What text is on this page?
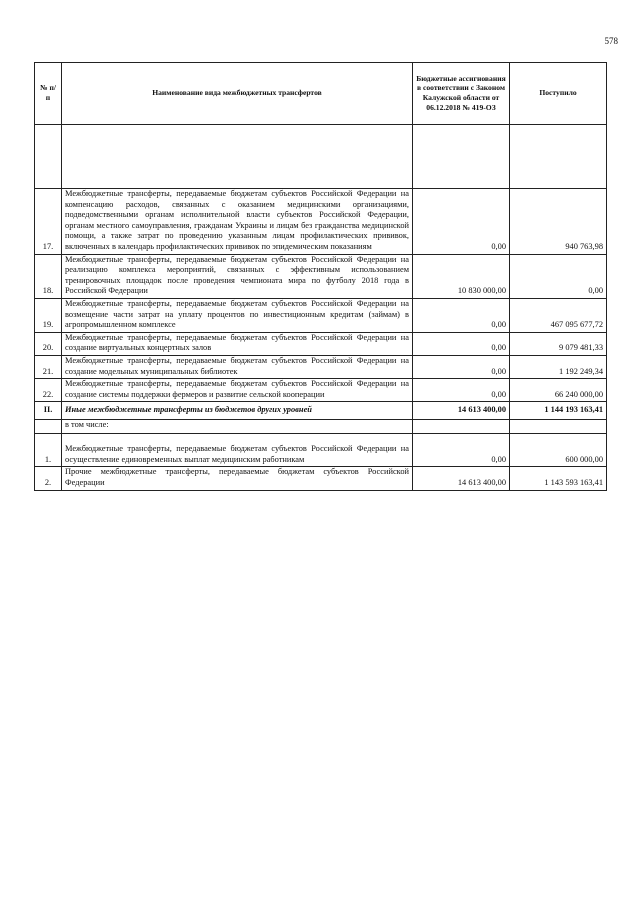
578
№ п/п	Наименование вида межбюджетных трансфертов	Бюджетные ассигнования в соответствии с Законом Калужской области от 06.12.2018 № 419-ОЗ	Поступило

17.	Межбюджетные трансферты, передаваемые бюджетам субъектов Российской Федерации на компенсацию расходов, связанных с оказанием медицинскими организациями, подведомственными органам исполнительной власти субъектов Российской Федерации, органам местного самоуправления, гражданам Украины и лицам без гражданства медицинской помощи, а также затрат по проведению указанным лицам профилактических прививок, включенных в календарь профилактических прививок по эпидемическим показаниям	0,00	940 763,98
18.	Межбюджетные трансферты, передаваемые бюджетам субъектов Российской Федерации на реализацию комплекса мероприятий, связанных с эффективным использованием тренировочных площадок после проведения чемпионата мира по футболу 2018 года в Российской Федерации	10 830 000,00	0,00
19.	Межбюджетные трансферты, передаваемые бюджетам субъектов Российской Федерации на возмещение части затрат на уплату процентов по инвестиционным кредитам (займам) в агропромышленном комплексе	0,00	467 095 677,72
20.	Межбюджетные трансферты, передаваемые бюджетам субъектов Российской Федерации на создание виртуальных концертных залов	0,00	9 079 481,33
21.	Межбюджетные трансферты, передаваемые бюджетам субъектов Российской Федерации на создание модельных муниципальных библиотек	0,00	1 192 249,34
22.	Межбюджетные трансферты, передаваемые бюджетам субъектов Российской Федерации на создание системы поддержки фермеров и развитие сельской кооперации	0,00	66 240 000,00
II.	Иные межбюджетные трансферты из бюджетов других уровней	14 613 400,00	1 144 193 163,41
	в том числе:		
1.	Межбюджетные трансферты, передаваемые бюджетам субъектов Российской Федерации на осуществление единовременных выплат медицинским работникам	0,00	600 000,00
2.	Прочие межбюджетные трансферты, передаваемые бюджетам субъектов Российской Федерации	14 613 400,00	1 143 593 163,41
